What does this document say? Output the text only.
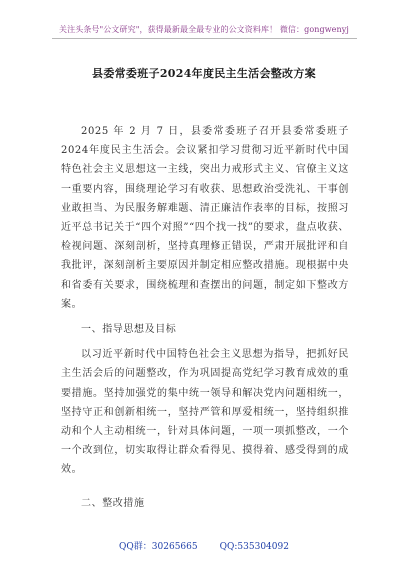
关注头条号"公文研究"，获得最新最全最专业的公文资料库！ 微信：gongwenyj
县委常委班子2024年度民主生活会整改方案

2025 年 2 月 7 日，县委常委班子召开县委常委班子2024年度民主生活会。会议紧扣学习贯彻习近平新时代中国特色社会主义思想这一主线，突出力戒形式主义、官僚主义这一重要内容，围绕理论学习有收获、思想政治受洗礼、干事创业敢担当、为民服务解难题、清正廉洁作表率的目标，按照习近平总书记关于“四个对照”“四个找一找”的要求，盘点收获、检视问题、深刻剖析，坚持真理修正错误，严肃开展批评和自我批评，深刻剖析主要原因并制定相应整改措施。现根据中央和省委有关要求，围绕梳理和查摆出的问题，制定如下整改方案。

一、指导思想及目标

以习近平新时代中国特色社会主义思想为指导，把抓好民主生活会后的问题整改，作为巩固提高党纪学习教育成效的重要措施。坚持加强党的集中统一领导和解决党内问题相统一，坚持守正和创新相统一，坚持严管和厚爱相统一，坚持组织推动和个人主动相统一，针对具体问题，一项一项抓整改，一个一个改到位，切实取得让群众看得见、摸得着、感受得到的成效。

二、整改措施

QQ群：30265665 QQ:535304092
